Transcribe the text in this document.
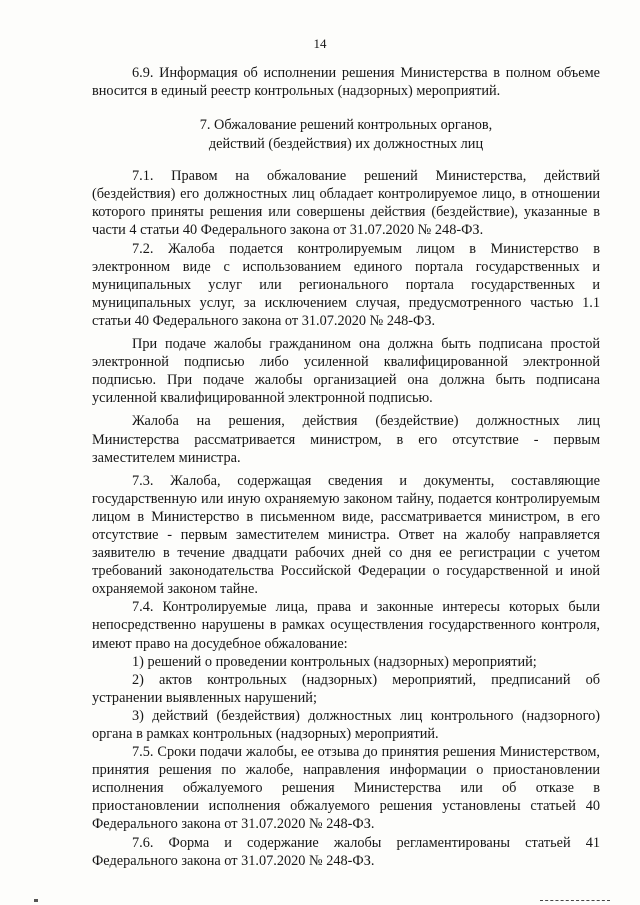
14

6.9. Информация об исполнении решения Министерства в полном объеме вносится в единый реестр контрольных (надзорных) мероприятий.

7. Обжалование решений контрольных органов,
действий (бездействия) их должностных лиц

7.1. Правом на обжалование решений Министерства, действий (бездействия) его должностных лиц обладает контролируемое лицо, в отношении которого приняты решения или совершены действия (бездействие), указанные в части 4 статьи 40 Федерального закона от 31.07.2020 № 248-ФЗ.

7.2. Жалоба подается контролируемым лицом в Министерство в электронном виде с использованием единого портала государственных и муниципальных услуг или регионального портала государственных и муниципальных услуг, за исключением случая, предусмотренного частью 1.1 статьи 40 Федерального закона от 31.07.2020 № 248-ФЗ.

При подаче жалобы гражданином она должна быть подписана простой электронной подписью либо усиленной квалифицированной электронной подписью. При подаче жалобы организацией она должна быть подписана усиленной квалифицированной электронной подписью.

Жалоба на решения, действия (бездействие) должностных лиц Министерства рассматривается министром, в его отсутствие - первым заместителем министра.

7.3. Жалоба, содержащая сведения и документы, составляющие государственную или иную охраняемую законом тайну, подается контролируемым лицом в Министерство в письменном виде, рассматривается министром, в его отсутствие - первым заместителем министра. Ответ на жалобу направляется заявителю в течение двадцати рабочих дней со дня ее регистрации с учетом требований законодательства Российской Федерации о государственной и иной охраняемой законом тайне.

7.4. Контролируемые лица, права и законные интересы которых были непосредственно нарушены в рамках осуществления государственного контроля, имеют право на досудебное обжалование:

1) решений о проведении контрольных (надзорных) мероприятий;

2) актов контрольных (надзорных) мероприятий, предписаний об устранении выявленных нарушений;

3) действий (бездействия) должностных лиц контрольного (надзорного) органа в рамках контрольных (надзорных) мероприятий.

7.5. Сроки подачи жалобы, ее отзыва до принятия решения Министерством, принятия решения по жалобе, направления информации о приостановлении исполнения обжалуемого решения Министерства или об отказе в приостановлении исполнения обжалуемого решения установлены статьей 40 Федерального закона от 31.07.2020 № 248-ФЗ.

7.6. Форма и содержание жалобы регламентированы статьей 41 Федерального закона от 31.07.2020 № 248-ФЗ.
